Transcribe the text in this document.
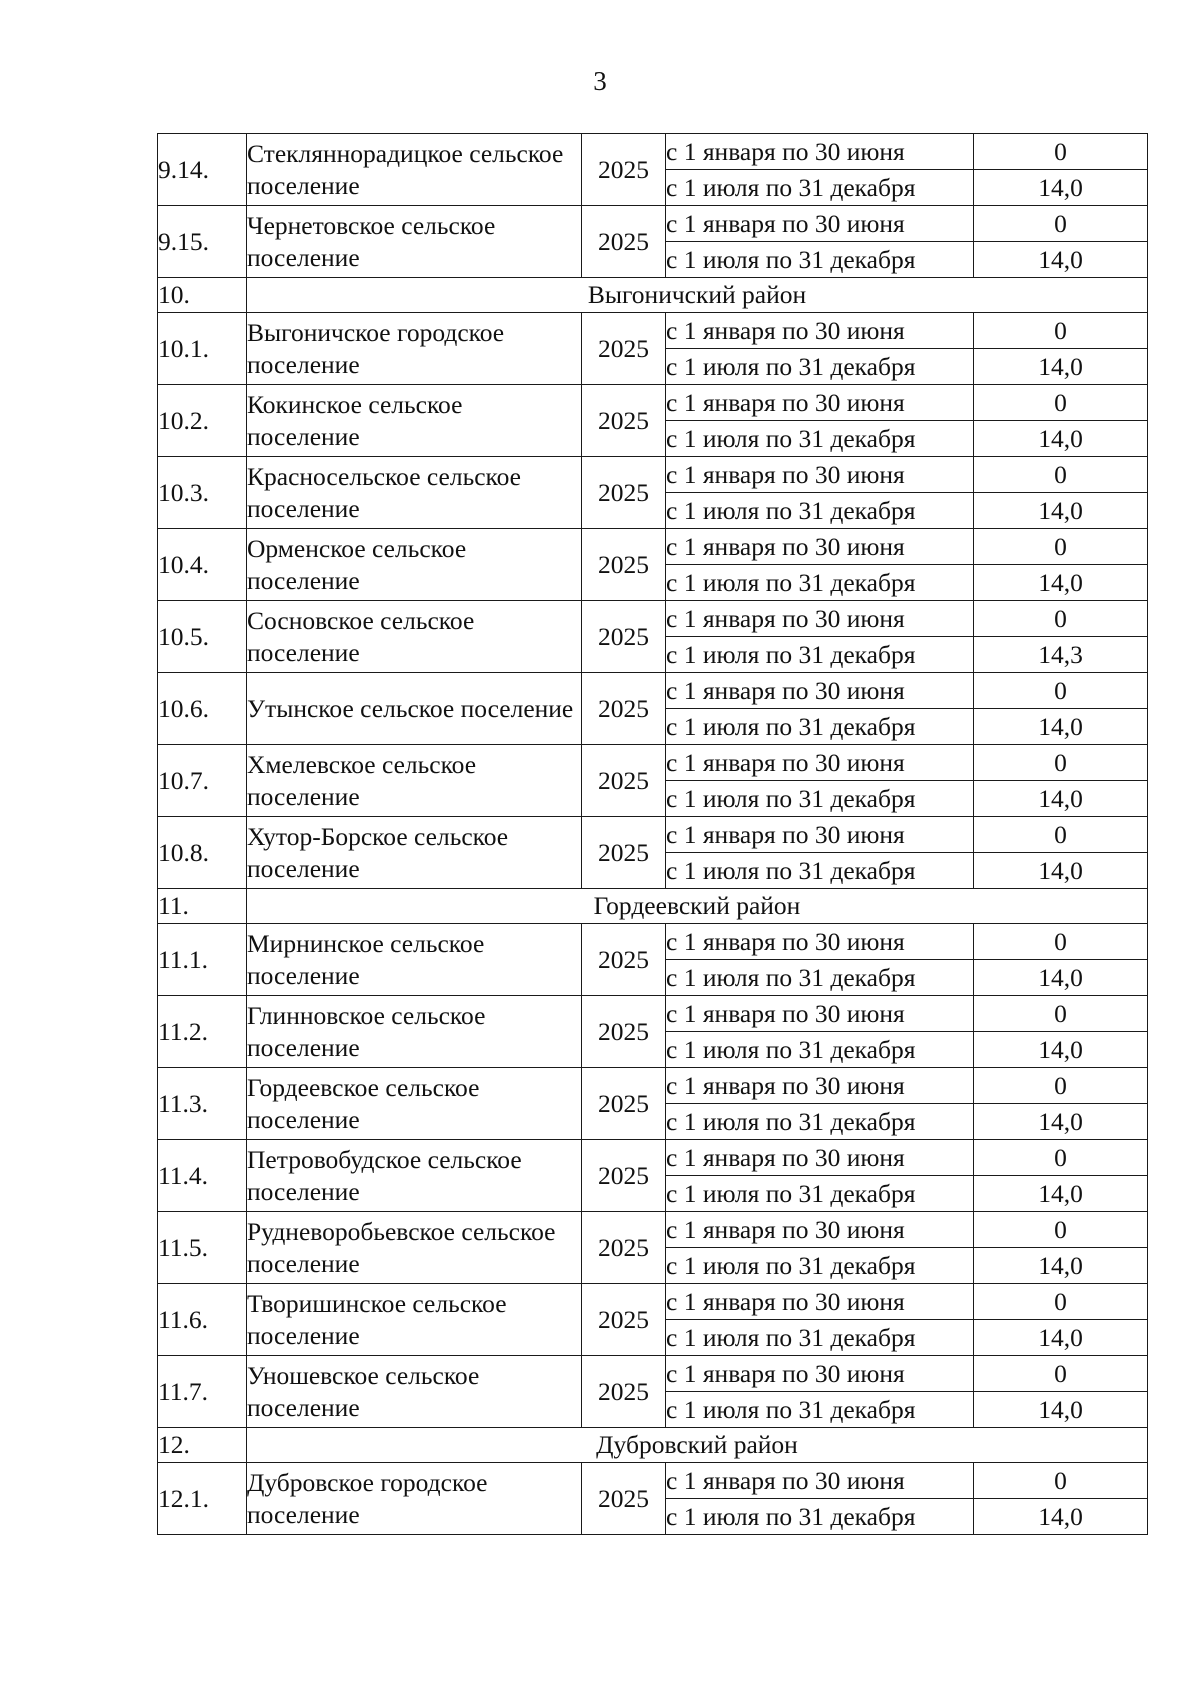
3
9.14.	Стекляннорадицкое сельское поселение	2025	с 1 января по 30 июня	0
			с 1 июля по 31 декабря	14,0
9.15.	Чернетовское сельское поселение	2025	с 1 января по 30 июня	0
			с 1 июля по 31 декабря	14,0
10.	Выгоничский район			
10.1.	Выгоничское городское поселение	2025	с 1 января по 30 июня	0
			с 1 июля по 31 декабря	14,0
10.2.	Кокинское сельское поселение	2025	с 1 января по 30 июня	0
			с 1 июля по 31 декабря	14,0
10.3.	Красносельское сельское поселение	2025	с 1 января по 30 июня	0
			с 1 июля по 31 декабря	14,0
10.4.	Орменское сельское поселение	2025	с 1 января по 30 июня	0
			с 1 июля по 31 декабря	14,0
10.5.	Сосновское сельское поселение	2025	с 1 января по 30 июня	0
			с 1 июля по 31 декабря	14,3
10.6.	Утынское сельское поселение	2025	с 1 января по 30 июня	0
			с 1 июля по 31 декабря	14,0
10.7.	Хмелевское сельское поселение	2025	с 1 января по 30 июня	0
			с 1 июля по 31 декабря	14,0
10.8.	Хутор-Борское сельское поселение	2025	с 1 января по 30 июня	0
			с 1 июля по 31 декабря	14,0
11.	Гордеевский район			
11.1.	Мирнинское сельское поселение	2025	с 1 января по 30 июня	0
			с 1 июля по 31 декабря	14,0
11.2.	Глинновское сельское поселение	2025	с 1 января по 30 июня	0
			с 1 июля по 31 декабря	14,0
11.3.	Гордеевское сельское поселение	2025	с 1 января по 30 июня	0
			с 1 июля по 31 декабря	14,0
11.4.	Петровобудское сельское поселение	2025	с 1 января по 30 июня	0
			с 1 июля по 31 декабря	14,0
11.5.	Рудневоробьевское сельское поселение	2025	с 1 января по 30 июня	0
			с 1 июля по 31 декабря	14,0
11.6.	Творишинское сельское поселение	2025	с 1 января по 30 июня	0
			с 1 июля по 31 декабря	14,0
11.7.	Уношевское сельское поселение	2025	с 1 января по 30 июня	0
			с 1 июля по 31 декабря	14,0
12.	Дубровский район			
12.1.	Дубровское городское поселение	2025	с 1 января по 30 июня	0
			с 1 июля по 31 декабря	14,0
